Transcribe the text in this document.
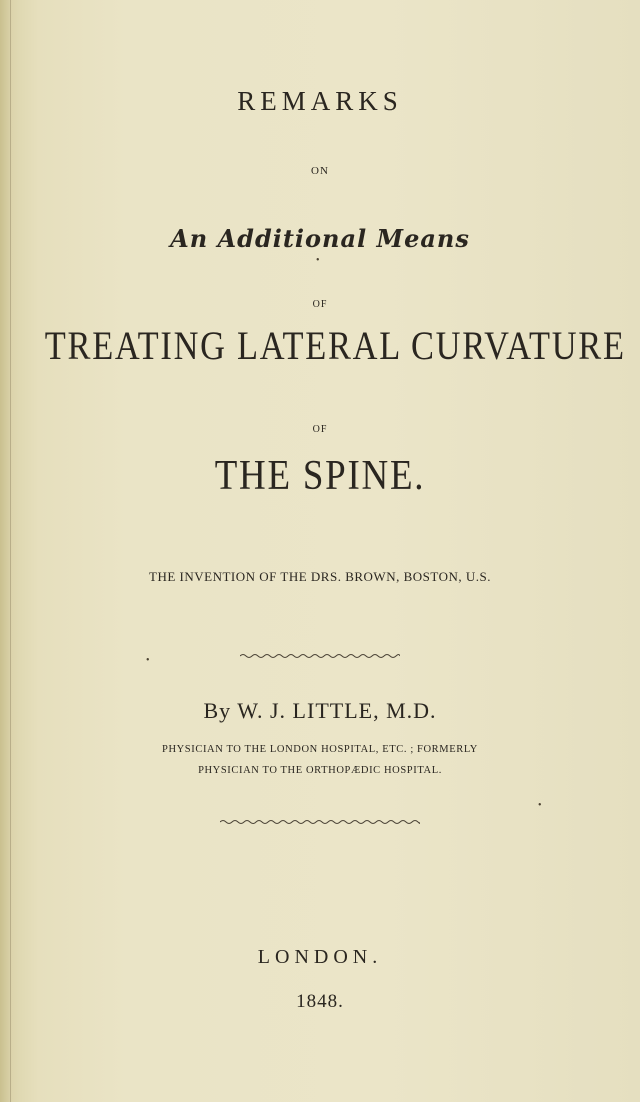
REMARKS
ON
An Additional Means
OF
TREATING LATERAL CURVATURE
OF
THE SPINE.
THE INVENTION OF THE DRS. BROWN, BOSTON, U.S.
By W. J. LITTLE, M.D.
PHYSICIAN TO THE LONDON HOSPITAL, ETC. ; FORMERLY
PHYSICIAN TO THE ORTHOPÆDIC HOSPITAL.
LONDON.
1848.
•
•
•
